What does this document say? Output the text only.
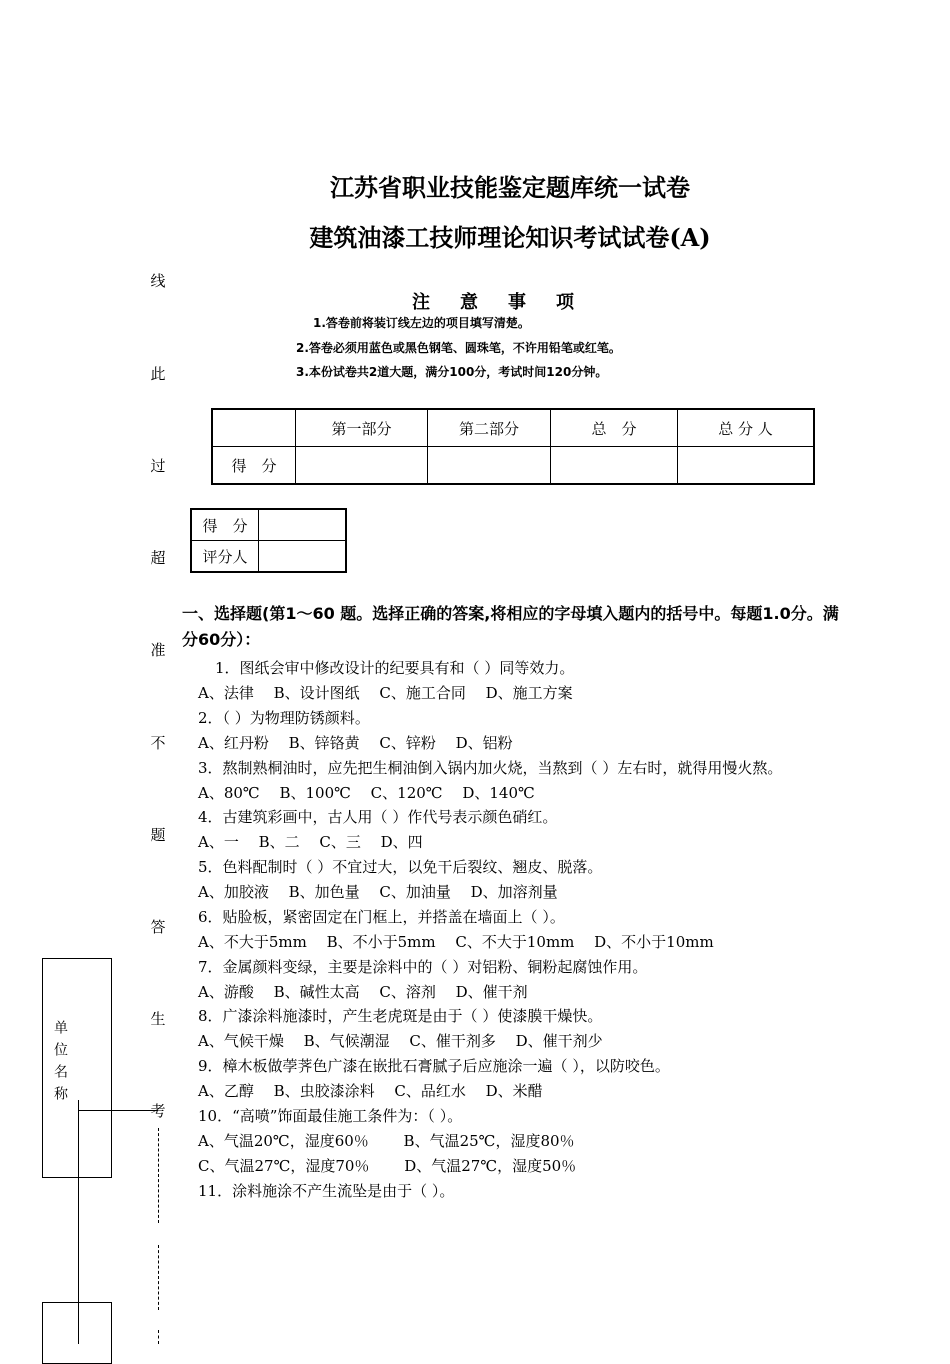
江苏省职业技能鉴定题库统一试卷
建筑油漆工技师理论知识考试试卷(A)
线
此
过
超
准
不
题
答
生
考
单位名称
注意事项
1.答卷前将装订线左边的项目填写清楚。
2.答卷必须用蓝色或黑色钢笔、圆珠笔，不许用铅笔或红笔。
3.本份试卷共2道大题，满分100分，考试时间120分钟。
	第一部分	第二部分	总　分	总 分 人
得　分				
得　分	
评分人	
一、选择题(第1～60 题。选择正确的答案,将相应的字母填入题内的括号中。每题1.0分。满分60分）：
1．图纸会审中修改设计的纪要具有和（ ）同等效力。
A、法律　 B、设计图纸　 C、施工合同　 D、施工方案
2．（ ）为物理防锈颜料。
A、红丹粉　 B、锌铬黄　 C、锌粉　 D、铝粉
3．熬制熟桐油时，应先把生桐油倒入锅内加火烧，当熬到（ ）左右时，就得用慢火熬。
A、80℃　 B、100℃　 C、120℃　 D、140℃
4．古建筑彩画中，古人用（ ）作代号表示颜色硝红。
A、一　 B、二　 C、三　 D、四
5．色料配制时（ ）不宜过大，以免干后裂纹、翘皮、脱落。
A、加胶液　 B、加色量　 C、加油量　 D、加溶剂量
6．贴脸板，紧密固定在门框上，并搭盖在墙面上（ ）。
A、不大于5mm　 B、不小于5mm　 C、不大于10mm　 D、不小于10mm
7．金属颜料变绿，主要是涂料中的（ ）对铝粉、铜粉起腐蚀作用。
A、游酸　 B、碱性太高　 C、溶剂　 D、催干剂
8．广漆涂料施漆时，产生老虎斑是由于（ ）使漆膜干燥快。
A、气候干燥　 B、气候潮湿　 C、催干剂多　 D、催干剂少
9．樟木板做荸荠色广漆在嵌批石膏腻子后应施涂一遍（ ），以防咬色。
A、乙醇　 B、虫胶漆涂料　 C、品红水　 D、米醋
10．“高喷”饰面最佳施工条件为：（ ）。
A、气温20℃，湿度60％　　 B、气温25℃，湿度80％
C、气温27℃，湿度70％　　 D、气温27℃，湿度50％
11．涂料施涂不产生流坠是由于（ ）。
